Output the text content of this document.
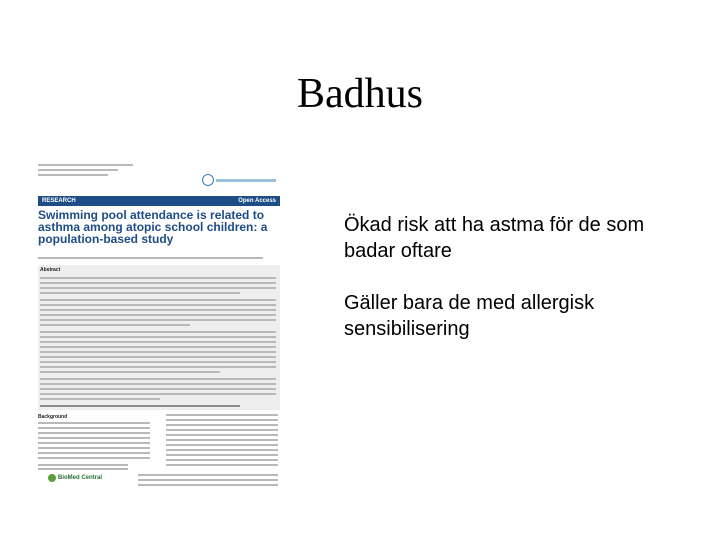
Badhus
RESEARCH	Open Access
Swimming pool attendance is related to asthma among atopic school children: a population-based study
Abstract
Background
BioMed Central
Ökad risk att ha astma för de som badar oftare
Gäller bara de med allergisk sensibilisering
